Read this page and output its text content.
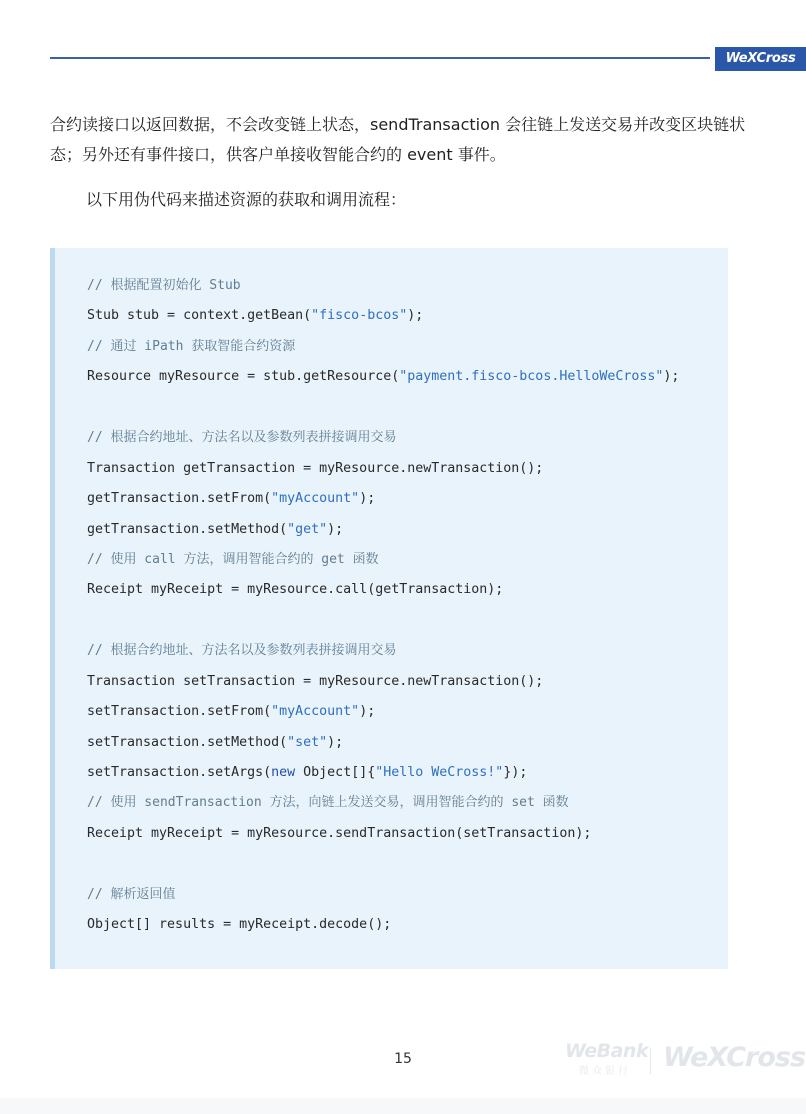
WeXCross
合约读接口以返回数据，不会改变链上状态，sendTransaction 会往链上发送交易并改变区块链状态；另外还有事件接口，供客户单接收智能合约的 event 事件。
以下用伪代码来描述资源的获取和调用流程：
// 根据配置初始化 Stub
Stub stub = context.getBean("fisco-bcos");
// 通过 iPath 获取智能合约资源
Resource myResource = stub.getResource("payment.fisco-bcos.HelloWeCross");
// 根据合约地址、方法名以及参数列表拼接调用交易
Transaction getTransaction = myResource.newTransaction();
getTransaction.setFrom("myAccount");
getTransaction.setMethod("get");
// 使用 call 方法，调用智能合约的 get 函数
Receipt myReceipt = myResource.call(getTransaction);
// 根据合约地址、方法名以及参数列表拼接调用交易
Transaction setTransaction = myResource.newTransaction();
setTransaction.setFrom("myAccount");
setTransaction.setMethod("set");
setTransaction.setArgs(new Object[]{"Hello WeCross!"});
// 使用 sendTransaction 方法，向链上发送交易，调用智能合约的 set 函数
Receipt myReceipt = myResource.sendTransaction(setTransaction);
// 解析返回值
Object[] results = myReceipt.decode();
15	WeBank
微众银行 WeXCross
